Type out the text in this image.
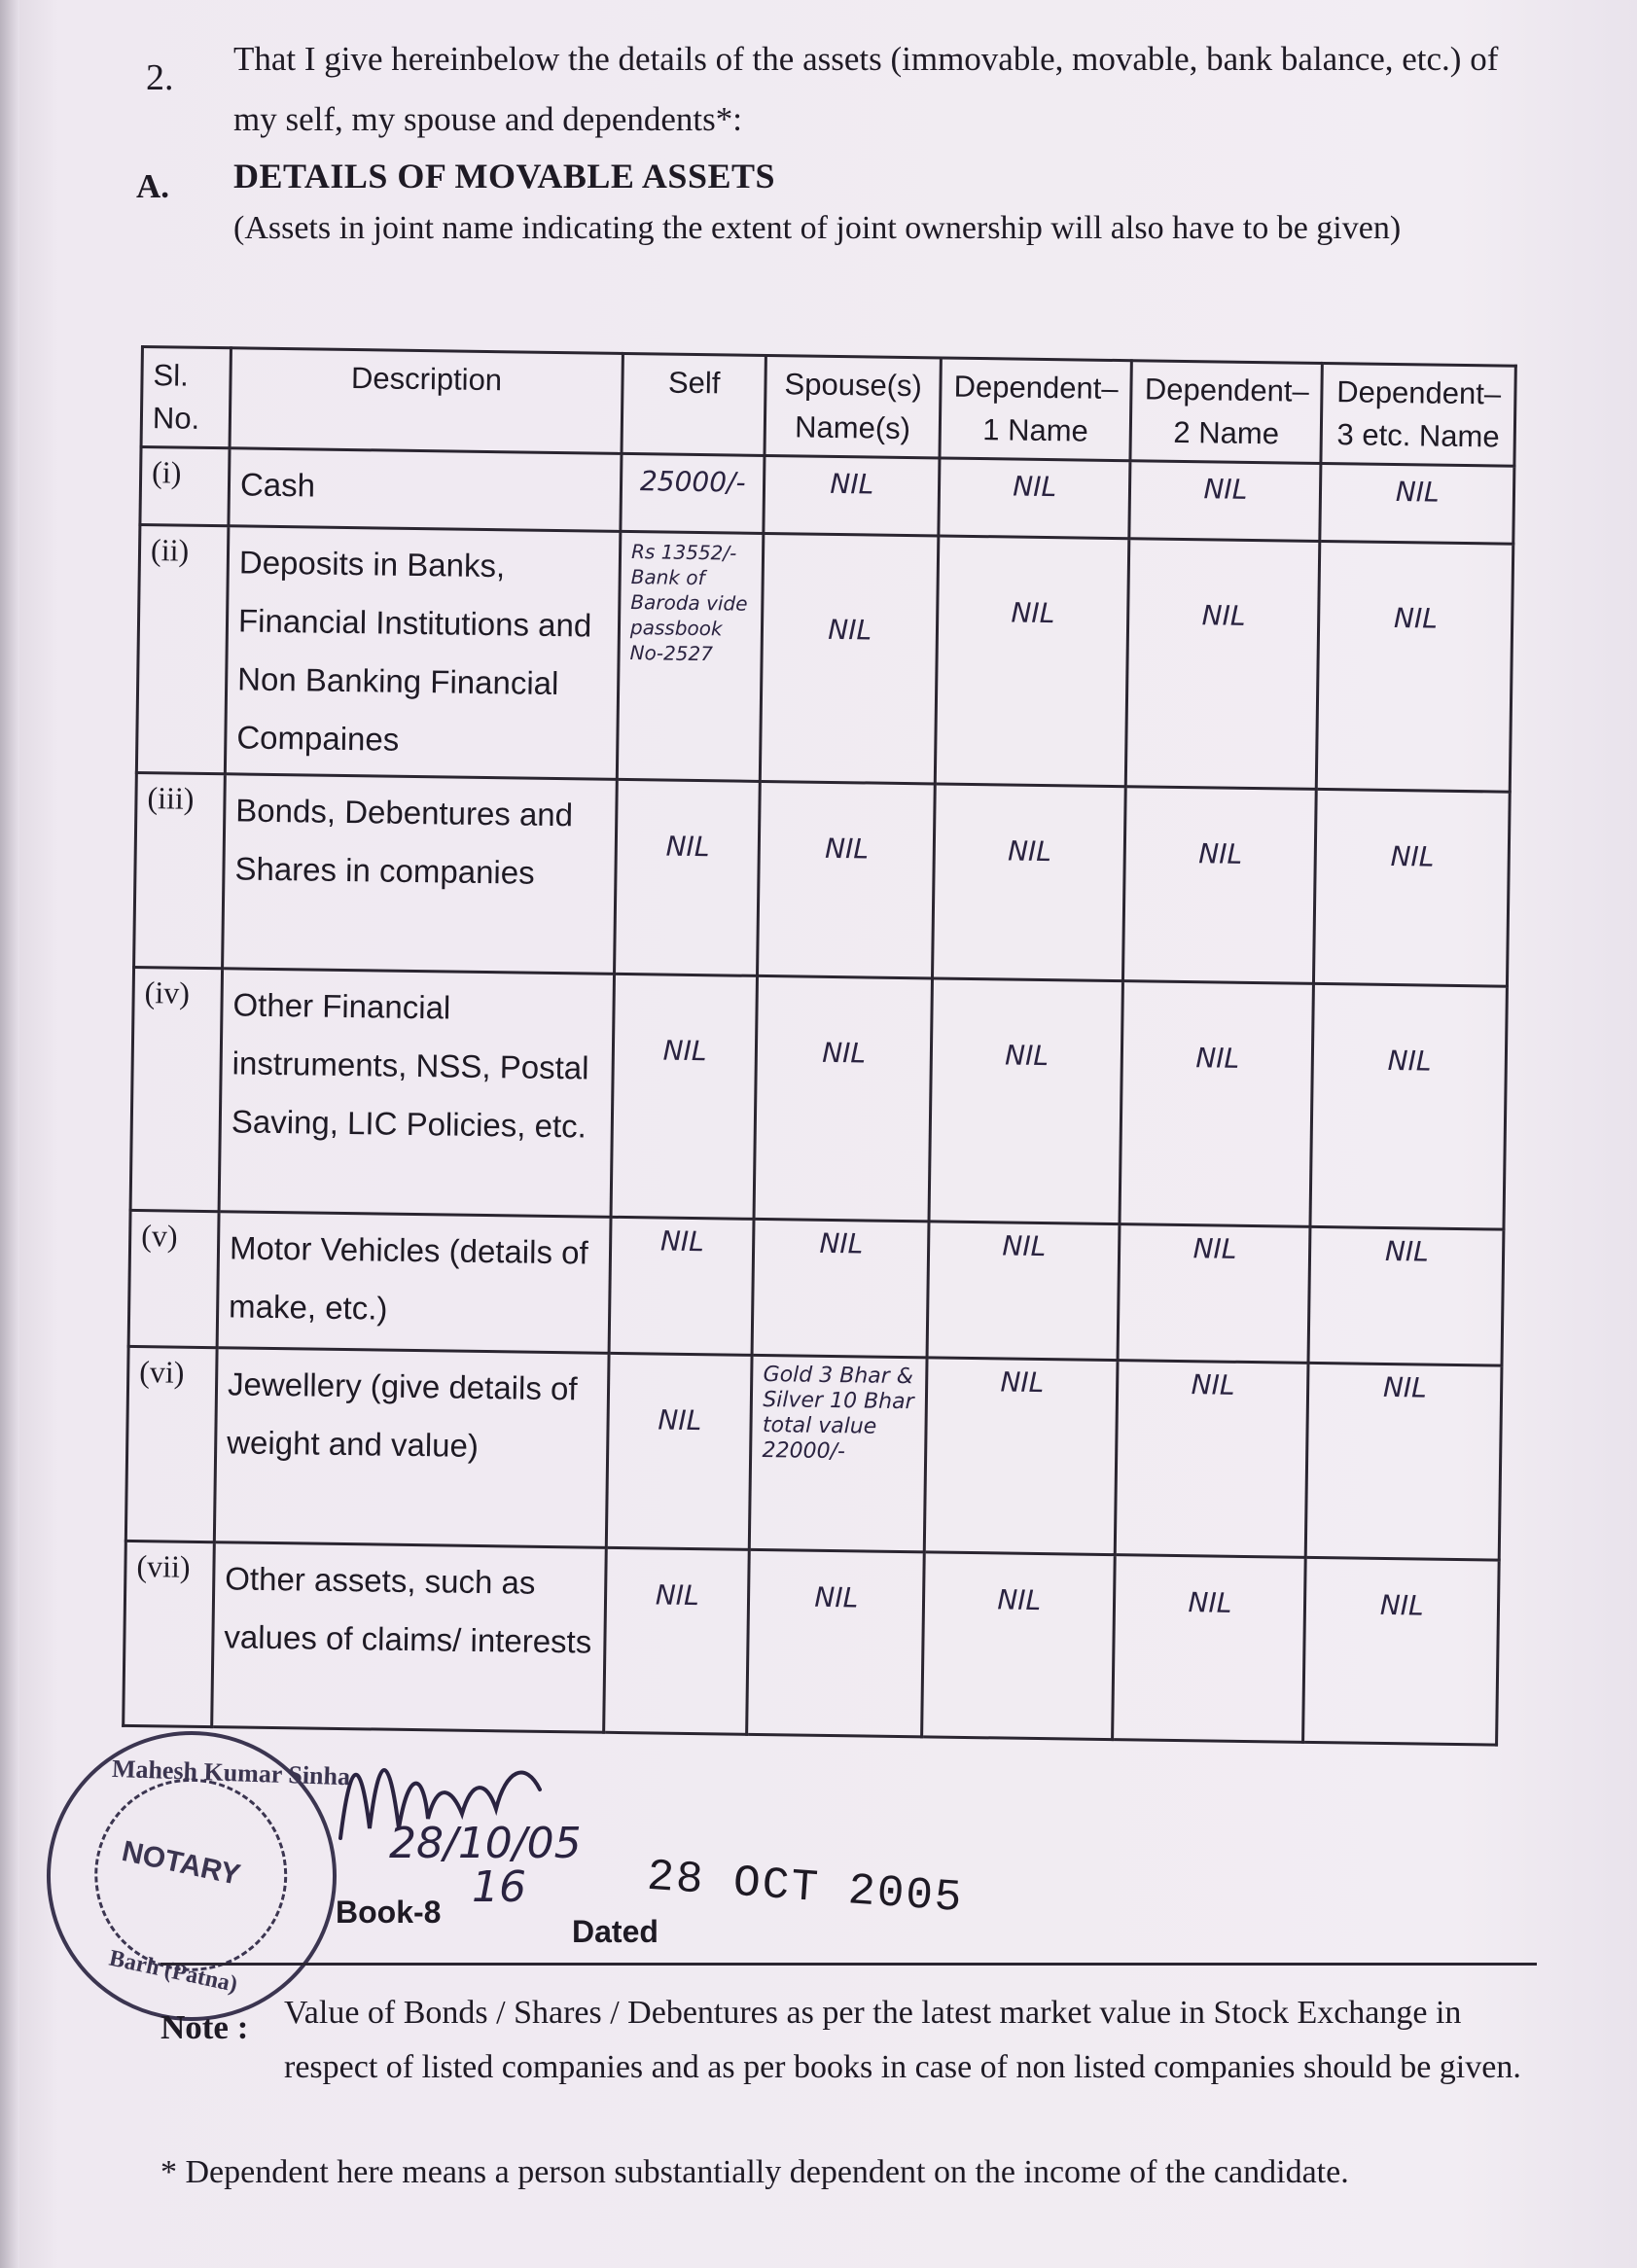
2. That I give hereinbelow the details of the assets (immovable, movable, bank balance, etc.) of my self, my spouse and dependents*:
A. DETAILS OF MOVABLE ASSETS
(Assets in joint name indicating the extent of joint ownership will also have to be given)
Sl. No.	Description	Self	Spouse(s) Name(s)	Dependent–1 Name	Dependent–2 Name	Dependent–3 etc. Name
(i)	Cash	25000/-	NIL	NIL	NIL	NIL
(ii)	Deposits in Banks, Financial Institutions and Non Banking Financial Compaines	Rs 13552/- Bank of Baroda vide passbook No-2527	NIL	NIL	NIL	NIL
(iii)	Bonds, Debentures and Shares in companies	NIL	NIL	NIL	NIL	NIL
(iv)	Other Financial instruments, NSS, Postal Saving, LIC Policies, etc.	NIL	NIL	NIL	NIL	NIL
(v)	Motor Vehicles (details of make, etc.)	NIL	NIL	NIL	NIL	NIL
(vi)	Jewellery (give details of weight and value)	NIL	Gold 3 Bhar & Silver 10 Bhar total value 22000/-	NIL	NIL	NIL
(vii)	Other assets, such as values of claims/ interests	NIL	NIL	NIL	NIL	NIL
Mahesh Kumar Sinha
NOTARY
Barh (Patna)
28/10/05
Book-8 16
Dated
28 OCT 2005
Note : Value of Bonds / Shares / Debentures as per the latest market value in Stock Exchange in respect of listed companies and as per books in case of non listed companies should be given.
* Dependent here means a person substantially dependent on the income of the candidate.
